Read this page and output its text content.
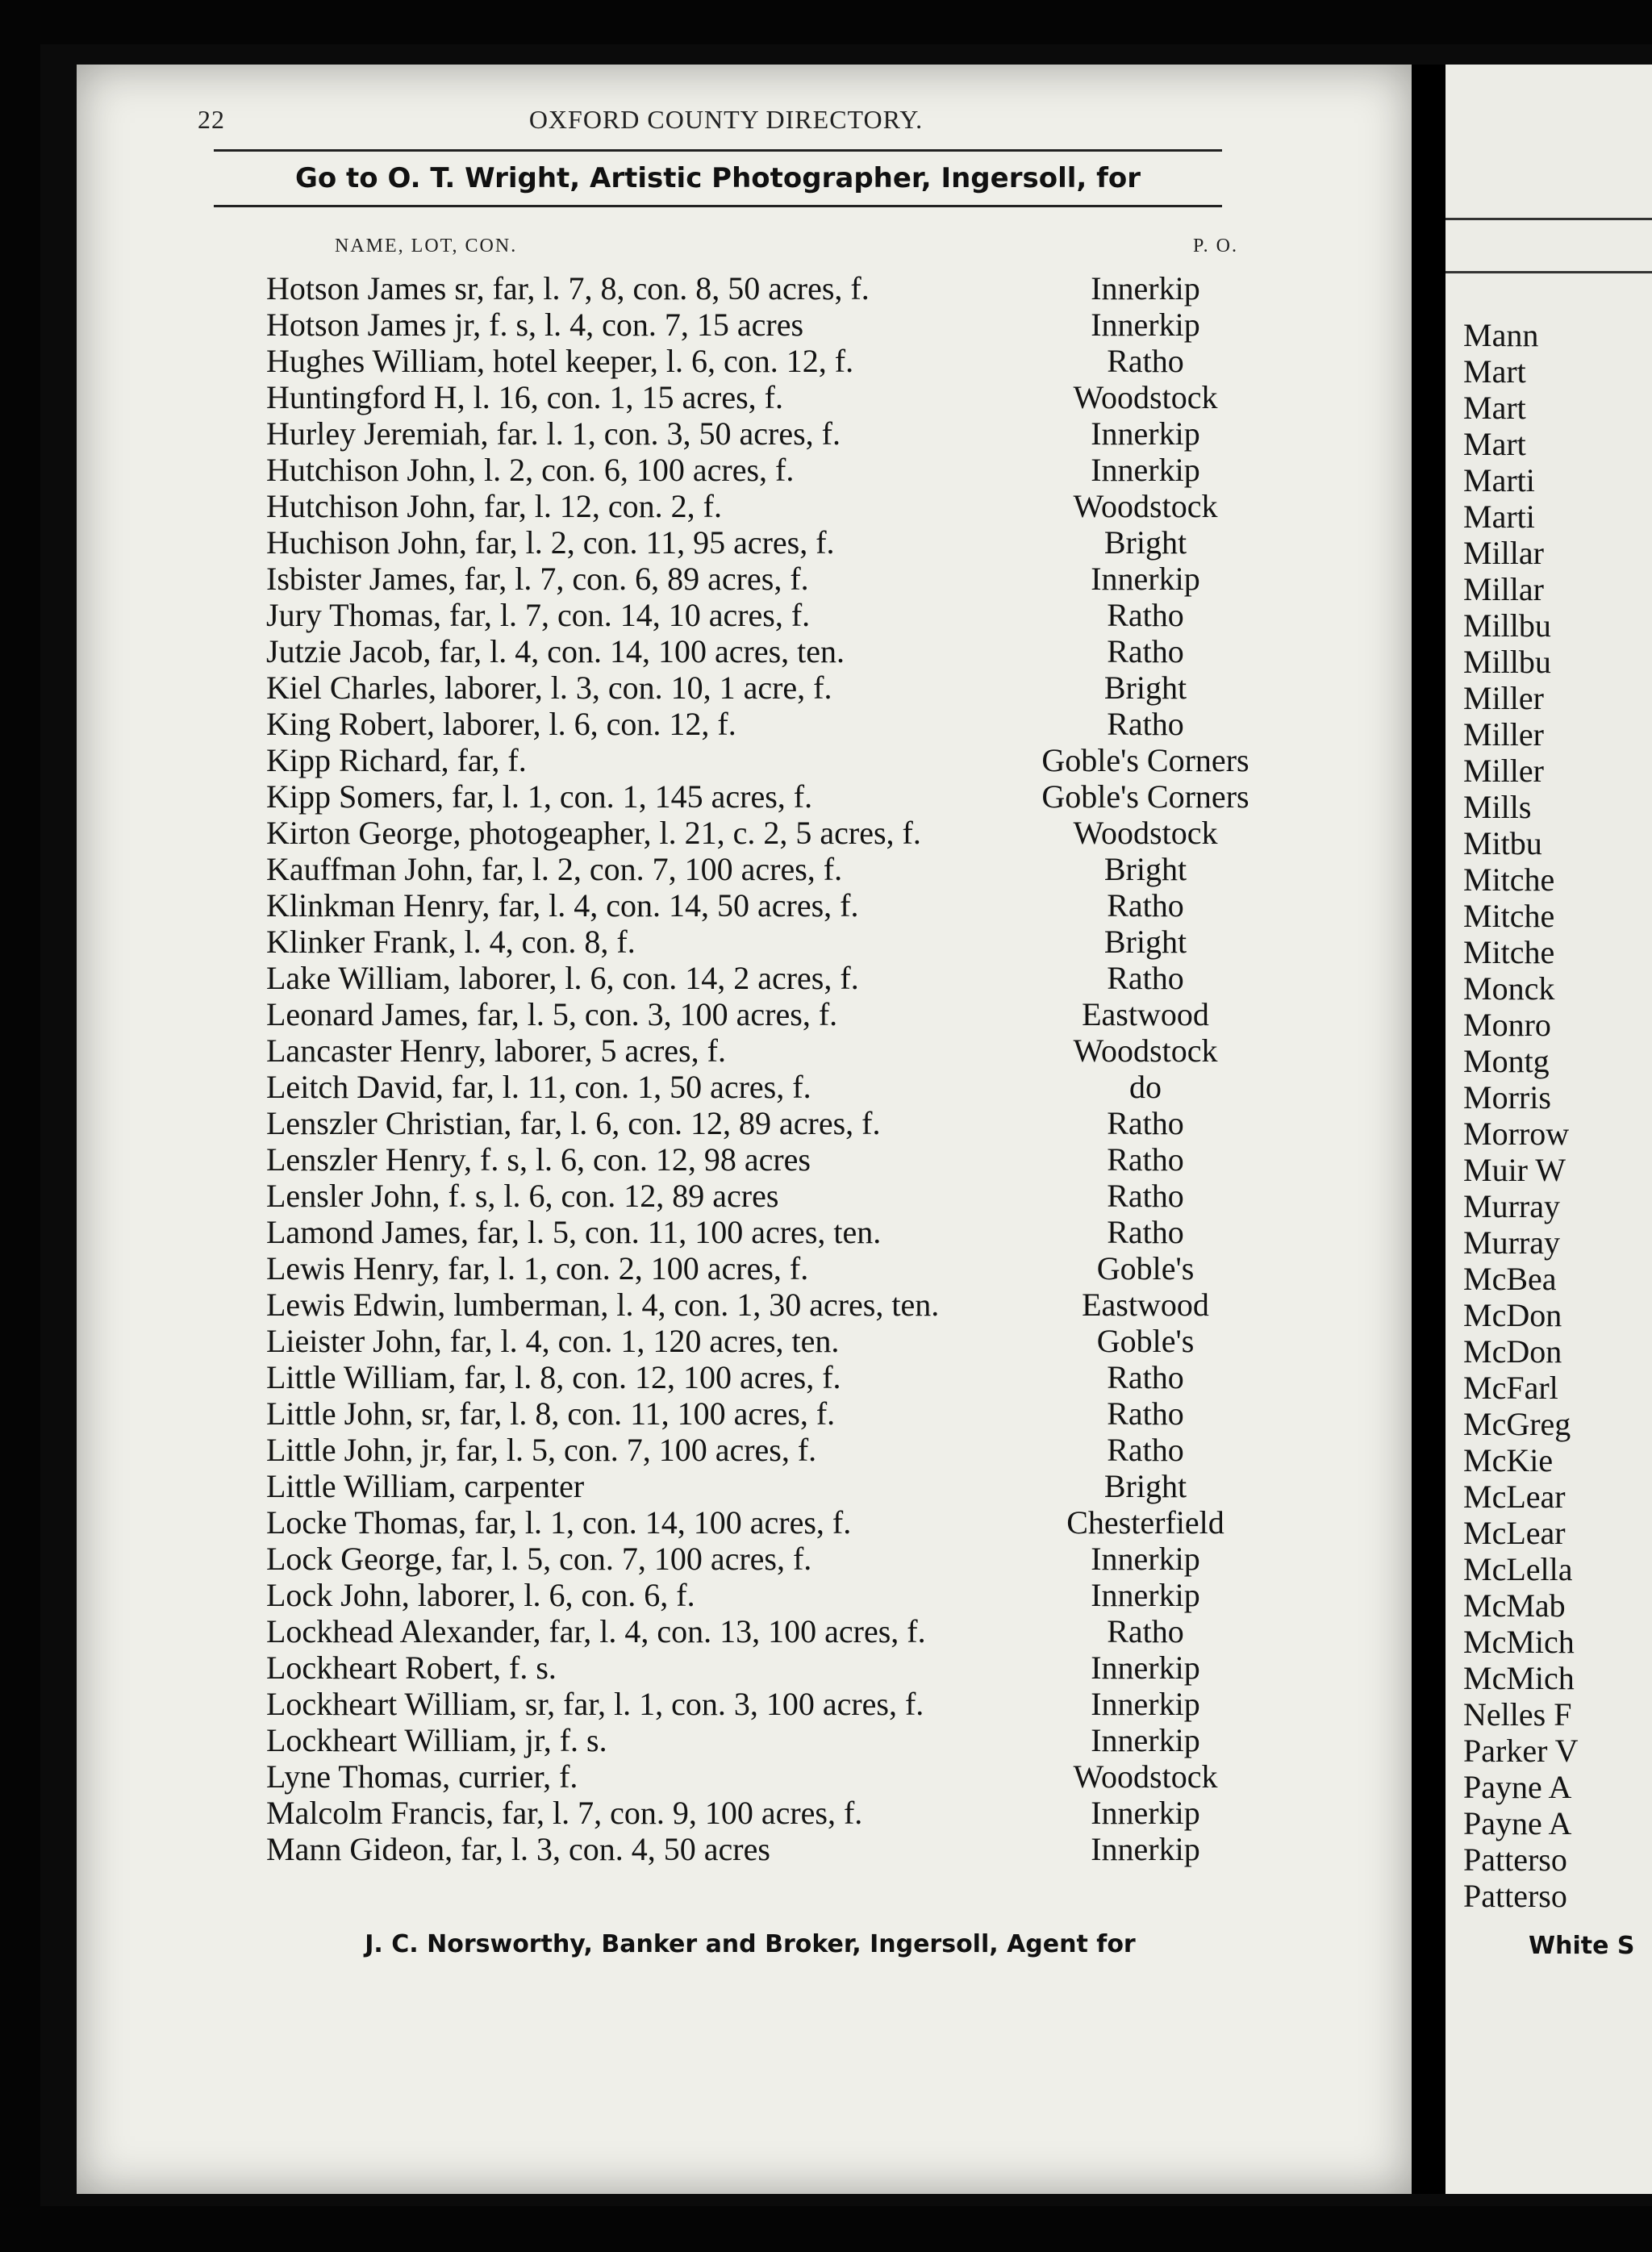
Mann
Mart
Mart
Mart
Marti
Marti
Millar
Millar
Millbu
Millbu
Miller
Miller
Miller
Mills
Mitbu
Mitche
Mitche
Mitche
Monck
Monro
Montg
Morris
Morrow
Muir W
Murray
Murray
McBea
McDon
McDon
McFarl
McGreg
McKie
McLear
McLear
McLella
McMab
McMich
McMich
Nelles F
Parker V
Payne A
Payne A
Patterso
Patterso
22	OXFORD COUNTY DIRECTORY.
Go to O. T. Wright, Artistic Photographer, Ingersoll, for
NAME, LOT, CON.	P. O.
Hotson James sr, far, l. 7, 8, con. 8, 50 acres, f.	Innerkip
Hotson James jr, f. s, l. 4, con. 7, 15 acres	Innerkip
Hughes William, hotel keeper, l. 6, con. 12, f.	Ratho
Huntingford H, l. 16, con. 1, 15 acres, f.	Woodstock
Hurley Jeremiah, far. l. 1, con. 3, 50 acres, f.	Innerkip
Hutchison John, l. 2, con. 6, 100 acres, f.	Innerkip
Hutchison John, far, l. 12, con. 2, f.	Woodstock
Huchison John, far, l. 2, con. 11, 95 acres, f.	Bright
Isbister James, far, l. 7, con. 6, 89 acres, f.	Innerkip
Jury Thomas, far, l. 7, con. 14, 10 acres, f.	Ratho
Jutzie Jacob, far, l. 4, con. 14, 100 acres, ten.	Ratho
Kiel Charles, laborer, l. 3, con. 10, 1 acre, f.	Bright
King Robert, laborer, l. 6, con. 12, f.	Ratho
Kipp Richard, far, f.	Goble's Corners
Kipp Somers, far, l. 1, con. 1, 145 acres, f.	Goble's Corners
Kirton George, photogeapher, l. 21, c. 2, 5 acres, f.	Woodstock
Kauffman John, far, l. 2, con. 7, 100 acres, f.	Bright
Klinkman Henry, far, l. 4, con. 14, 50 acres, f.	Ratho
Klinker Frank, l. 4, con. 8, f.	Bright
Lake William, laborer, l. 6, con. 14, 2 acres, f.	Ratho
Leonard James, far, l. 5, con. 3, 100 acres, f.	Eastwood
Lancaster Henry, laborer, 5 acres, f.	Woodstock
Leitch David, far, l. 11, con. 1, 50 acres, f.	do
Lenszler Christian, far, l. 6, con. 12, 89 acres, f.	Ratho
Lenszler Henry, f. s, l. 6, con. 12, 98 acres	Ratho
Lensler John, f. s, l. 6, con. 12, 89 acres	Ratho
Lamond James, far, l. 5, con. 11, 100 acres, ten.	Ratho
Lewis Henry, far, l. 1, con. 2, 100 acres, f.	Goble's
Lewis Edwin, lumberman, l. 4, con. 1, 30 acres, ten.	Eastwood
Lieister John, far, l. 4, con. 1, 120 acres, ten.	Goble's
Little William, far, l. 8, con. 12, 100 acres, f.	Ratho
Little John, sr, far, l. 8, con. 11, 100 acres, f.	Ratho
Little John, jr, far, l. 5, con. 7, 100 acres, f.	Ratho
Little William, carpenter	Bright
Locke Thomas, far, l. 1, con. 14, 100 acres, f.	Chesterfield
Lock George, far, l. 5, con. 7, 100 acres, f.	Innerkip
Lock John, laborer, l. 6, con. 6, f.	Innerkip
Lockhead Alexander, far, l. 4, con. 13, 100 acres, f.	Ratho
Lockheart Robert, f. s.	Innerkip
Lockheart William, sr, far, l. 1, con. 3, 100 acres, f.	Innerkip
Lockheart William, jr, f. s.	Innerkip
Lyne Thomas, currier, f.	Woodstock
Malcolm Francis, far, l. 7, con. 9, 100 acres, f.	Innerkip
Mann Gideon, far, l. 3, con. 4, 50 acres	Innerkip
J. C. Norsworthy, Banker and Broker, Ingersoll, Agent for	White S
